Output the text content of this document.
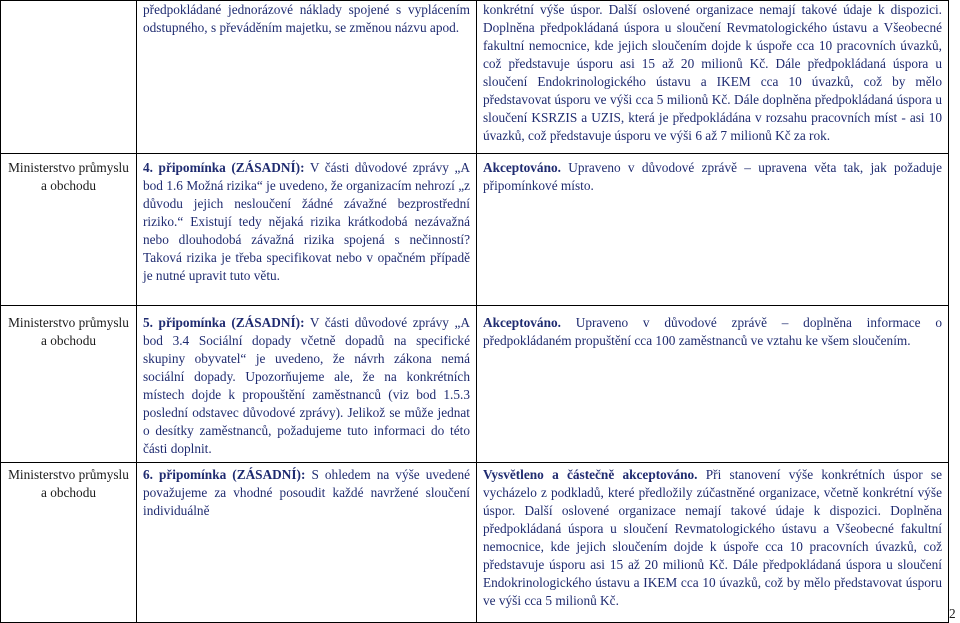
	předpokládané jednorázové náklady spojené s vyplácením odstupného, s převáděním majetku, se změnou názvu apod.	konkrétní výše úspor. Další oslovené organizace nemají takové údaje k dispozici. Doplněna předpokládaná úspora u sloučení Revmatologického ústavu a Všeobecné fakultní nemocnice, kde jejich sloučením dojde k úspoře cca 10 pracovních úvazků, což představuje úsporu asi 15 až 20 milionů Kč. Dále předpokládaná úspora u sloučení Endokrinologického ústavu a IKEM cca 10 úvazků, což by mělo představovat úsporu ve výši cca 5 milionů Kč. Dále doplněna předpokládaná úspora u sloučení KSRZIS a UZIS, která je předpokládána v rozsahu pracovních míst - asi 10 úvazků, což představuje úsporu ve výši 6 až 7 milionů Kč za rok.

Ministerstvo průmyslu a obchodu	4. připomínka (ZÁSADNÍ): V části důvodové zprávy „A bod 1.6 Možná rizika“ je uvedeno, že organizacím nehrozí „z důvodu jejich nesloučení žádné závažné bezprostřední riziko.“ Existují tedy nějaká rizika krátkodobá nezávažná nebo dlouhodobá závažná rizika spojená s nečinností? Taková rizika je třeba specifikovat nebo v opačném případě je nutné upravit tuto větu.	Akceptováno. Upraveno v důvodové zprávě – upravena věta tak, jak požaduje připomínkové místo.

Ministerstvo průmyslu a obchodu	5. připomínka (ZÁSADNÍ): V části důvodové zprávy „A bod 3.4 Sociální dopady včetně dopadů na specifické skupiny obyvatel“ je uvedeno, že návrh zákona nemá sociální dopady. Upozorňujeme ale, že na konkrétních místech dojde k propouštění zaměstnanců (viz bod 1.5.3 poslední odstavec důvodové zprávy). Jelikož se může jednat o desítky zaměstnanců, požadujeme tuto informaci do této části doplnit.	Akceptováno. Upraveno v důvodové zprávě – doplněna informace o předpokládaném propuštění cca 100 zaměstnanců ve vztahu ke všem sloučením.

Ministerstvo průmyslu a obchodu	6. připomínka (ZÁSADNÍ): S ohledem na výše uvedené považujeme za vhodné posoudit každé navržené sloučení individuálně	Vysvětleno a částečně akceptováno. Při stanovení výše konkrétních úspor se vycházelo z podkladů, které předložily zúčastněné organizace, včetně konkrétní výše úspor. Další oslovené organizace nemají takové údaje k dispozici. Doplněna předpokládaná úspora u sloučení Revmatologického ústavu a Všeobecné fakultní nemocnice, kde jejich sloučením dojde k úspoře cca 10 pracovních úvazků, což představuje úsporu asi 15 až 20 milionů Kč. Dále předpokládaná úspora u sloučení Endokrinologického ústavu a IKEM cca 10 úvazků, což by mělo představovat úsporu ve výši cca 5 milionů Kč.
2
